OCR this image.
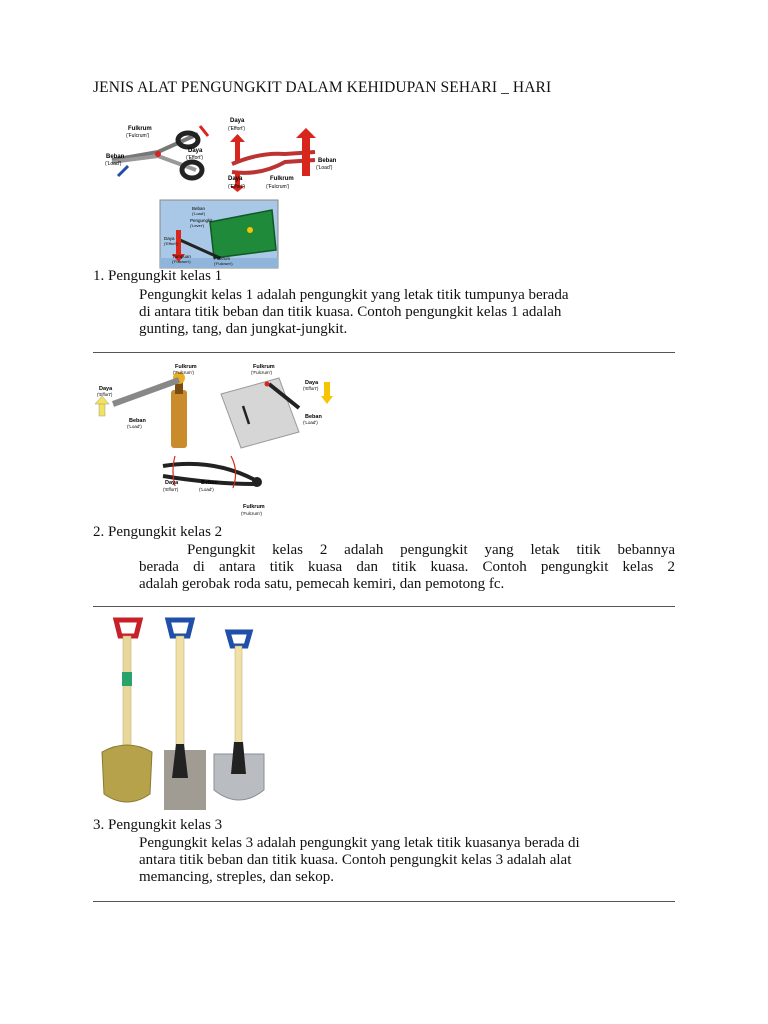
JENIS ALAT PENGUNGKIT DALAM KEHIDUPAN SEHARI _ HARI
Fulkrum
('Fulcrum')
Daya
('Effort')
Beban
('Load')
Daya
('Effort')
Beban
('Load')
Daya
('Effort')
Fulkrum
('Fulcrum')
Beban
('Load')
Pengungkit
('Lever')
Daya
('Effort')
Tumpuan
('Fulcrum')
Fulkrum
('Fulcrum')
1. Pengungkit kelas 1
Pengungkit kelas 1 adalah pengungkit yang letak titik tumpunya berada
di antara titik beban dan titik kuasa. Contoh pengungkit kelas 1 adalah
gunting, tang, dan jungkat-jungkit.
Fulkrum
('Fulcrum')
Daya
('Effort')
Beban
('Load')
Fulkrum
('Fulcrum')
Daya
('Effort')
Beban
('Load')
Daya
('Effort')
Beban
('Load')
Fulkrum
('Fulcrum')
2. Pengungkit kelas 2
Pengungkit kelas 2 adalah pengungkit yang letak titik bebannya
berada di antara titik kuasa dan titik kuasa. Contoh pengungkit kelas 2
adalah gerobak roda satu, pemecah kemiri, dan pemotong fc.
3. Pengungkit kelas 3
Pengungkit kelas 3 adalah pengungkit yang letak titik kuasanya berada di
antara titik beban dan titik kuasa. Contoh pengungkit kelas 3 adalah alat
memancing, streples, dan sekop.
